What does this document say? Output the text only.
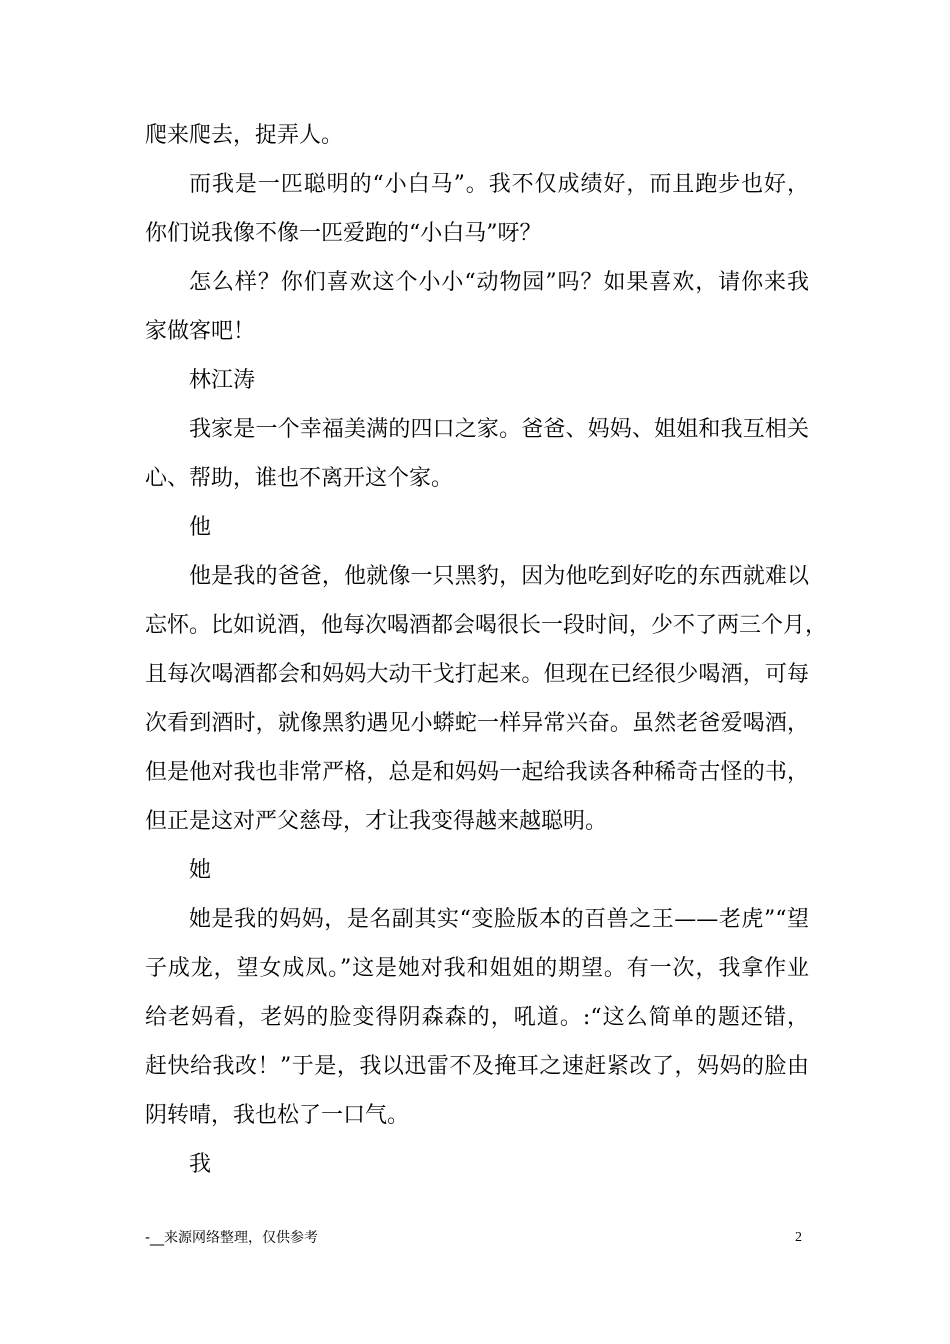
爬来爬去，捉弄人。
而我是一匹聪明的“小白马”。我不仅成绩好，而且跑步也好，
你们说我像不像一匹爱跑的“小白马”呀？
怎么样？你们喜欢这个小小“动物园”吗？如果喜欢，请你来我
家做客吧！
林江涛
我家是一个幸福美满的四口之家。爸爸、妈妈、姐姐和我互相关
心、帮助，谁也不离开这个家。
他
他是我的爸爸，他就像一只黑豹，因为他吃到好吃的东西就难以
忘怀。比如说酒，他每次喝酒都会喝很长一段时间，少不了两三个月，
且每次喝酒都会和妈妈大动干戈打起来。但现在已经很少喝酒，可每
次看到酒时，就像黑豹遇见小蟒蛇一样异常兴奋。虽然老爸爱喝酒，
但是他对我也非常严格，总是和妈妈一起给我读各种稀奇古怪的书，
但正是这对严父慈母，才让我变得越来越聪明。
她
她是我的妈妈，是名副其实“变脸版本的百兽之王——老虎”“望
子成龙，望女成凤。”这是她对我和姐姐的期望。有一次，我拿作业
给老妈看，老妈的脸变得阴森森的，吼道。:“这么简单的题还错，
赶快给我改！”于是，我以迅雷不及掩耳之速赶紧改了，妈妈的脸由
阴转晴，我也松了一口气。
我
-__来源网络整理，仅供参考	2
